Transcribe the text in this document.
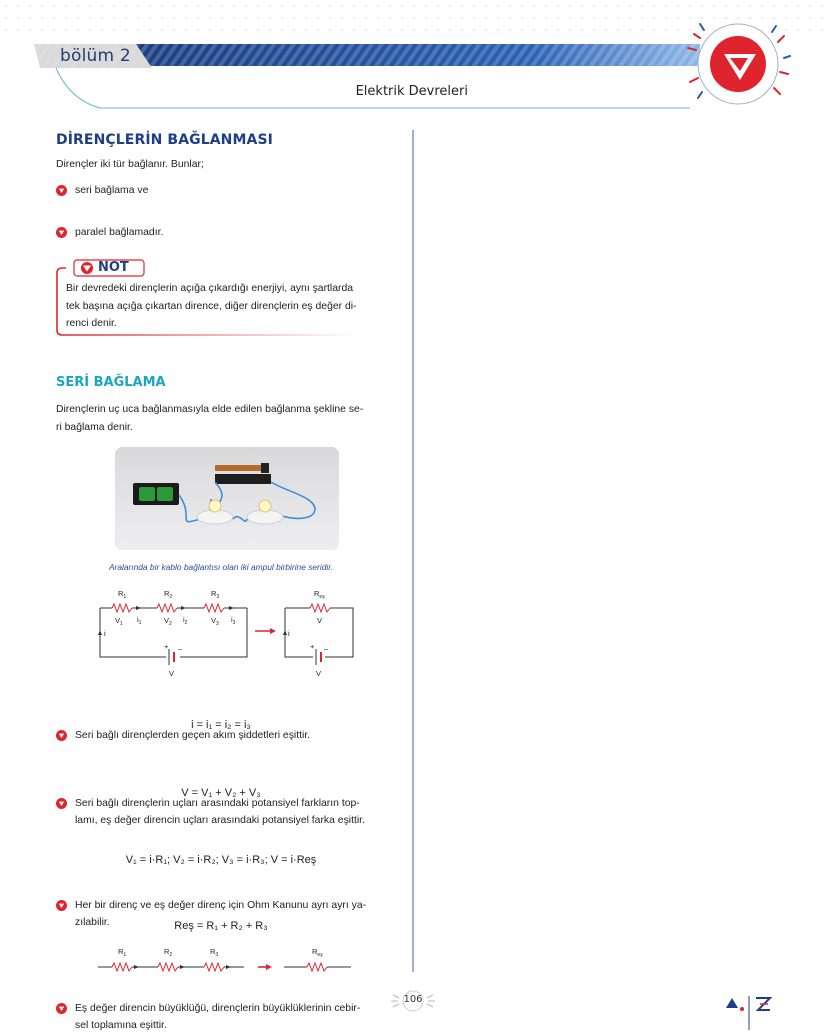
bölüm 2
Elektrik Devreleri
DİRENÇLERİN BAĞLANMASI
Dirençler iki tür bağlanır. Bunlar;
seri bağlama ve
paralel bağlamadır.
NOT
Bir devredeki dirençlerin açığa çıkardığı enerjiyi, aynı şartlarda
tek başına açığa çıkartan dirence, diğer dirençlerin eş değer di-
renci denir.
SERİ BAĞLAMA
Dirençlerin uç uca bağlanmasıyla elde edilen bağlanma şekline se-
ri bağlama denir.
Aralarında bir kablo bağlantısı olan iki ampul birbirine seridir.
$R_1$	$R_2$	$R_3$
$V_1$ $i_1$	$V_2$ $i_2$	$V_3$ $i_3$
i
+ –
V
$R_{eş}$
V
i
+ –
V
Seri bağlı dirençlerden geçen akım şiddetleri eşittir.
i = i₁ = i₂ = i₃
Seri bağlı dirençlerin uçları arasındaki potansiyel farkların top-
lamı, eş değer direncin uçları arasındaki potansiyel farka eşittir.
V = V₁ + V₂ + V₃
Her bir direnç ve eş değer direnç için Ohm Kanunu ayrı ayrı ya-
zılabilir.
V₁ = i·R₁; V₂ = i·R₂; V₃ = i·R₃; V = i·Reş
Eş değer direncin büyüklüğü, dirençlerin büyüklüklerinin cebir-
sel toplamına eşittir.
Reş = R₁ + R₂ + R₃
$R_1$	$R_2$	$R_3$	$R_{eş}$
106
